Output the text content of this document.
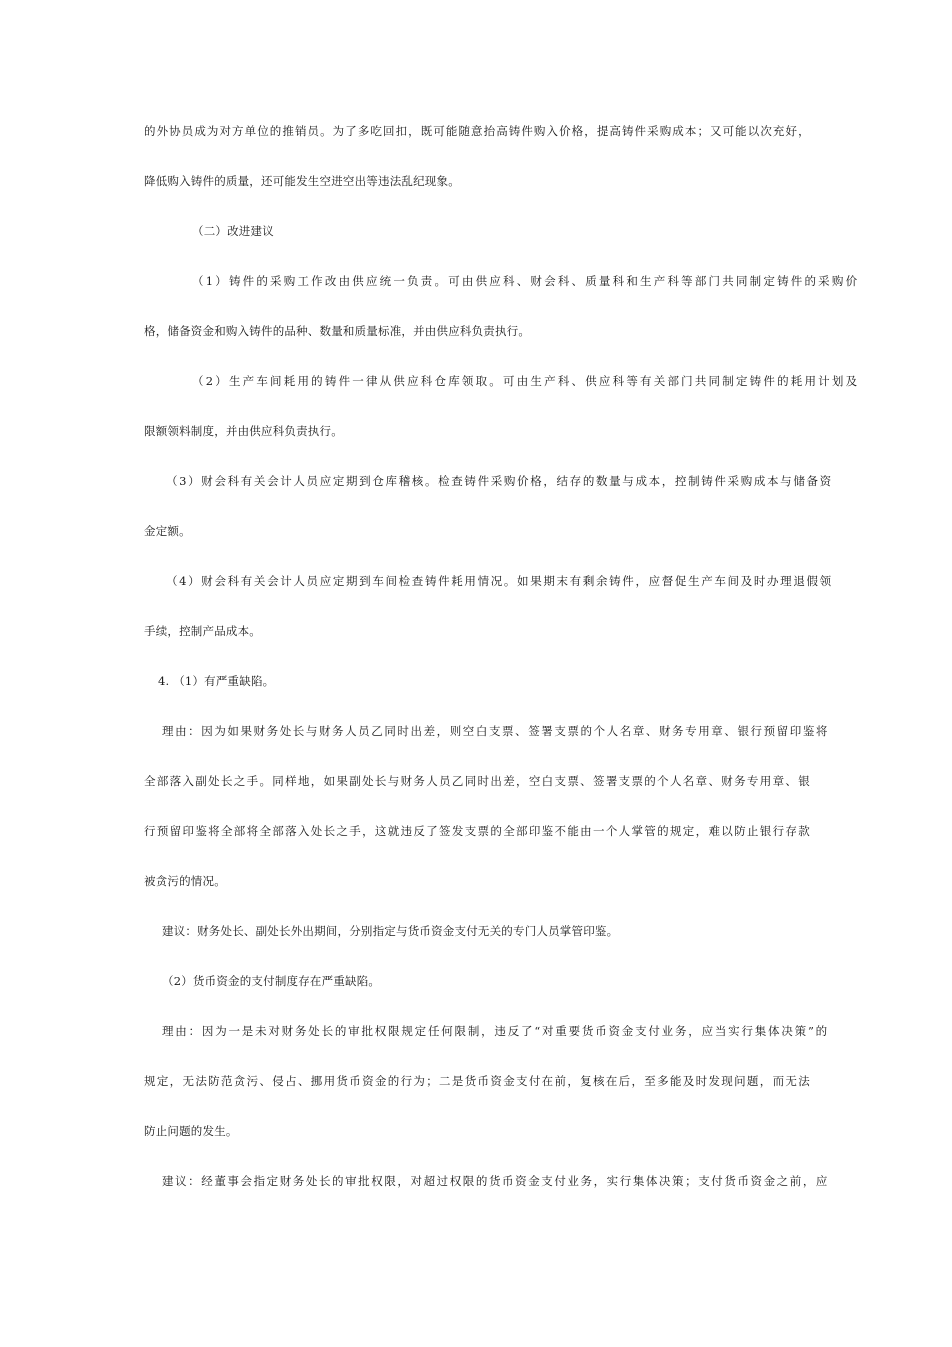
的 外 协 员 成 为 对 方 单 位 的 推 销 员 。 为 了 多 吃 回 扣 ， 既 可 能 随 意 抬 高 铸 件 购 入 价 格 ， 提 高 铸 件 采 购 成 本 ； 又 可 能 以 次 充 好 ，
降低购入铸件的质量，还可能发生空进空出等违法乱纪现象。
（二）改进建议
（ 1 ） 铸 件 的 采 购 工 作 改 由 供 应 统 一 负 责 。 可 由 供 应 科 、 财 会 科 、 质 量 科 和 生 产 科 等 部 门 共 同 制 定 铸 件 的 采 购 价
格，储备资金和购入铸件的品种、数量和质量标准，并由供应科负责执行。
（ 2 ） 生 产 车 间 耗 用 的 铸 件 一 律 从 供 应 科 仓 库 领 取 。 可 由 生 产 科 、 供 应 科 等 有 关 部 门 共 同 制 定 铸 件 的 耗 用 计 划 及
限额领料制度，并由供应科负责执行。
（ 3 ） 财 会 科 有 关 会 计 人 员 应 定 期 到 仓 库 稽 核 。 检 查 铸 件 采 购 价 格 ， 结 存 的 数 量 与 成 本 ， 控 制 铸 件 采 购 成 本 与 储 备 资
金定额。
（ 4 ） 财 会 科 有 关 会 计 人 员 应 定 期 到 车 间 检 查 铸 件 耗 用 情 况 。 如 果 期 末 有 剩 余 铸 件 ， 应 督 促 生 产 车 间 及 时 办 理 退 假 领
手续，控制产品成本。
4. （1）有严重缺陷。
理 由 ： 因 为 如 果 财 务 处 长 与 财 务 人 员 乙 同 时 出 差 ， 则 空 白 支 票 、 签 署 支 票 的 个 人 名 章 、 财 务 专 用 章 、 银 行 预 留 印 鉴 将
全 部 落 入 副 处 长 之 手 。 同 样 地 ， 如 果 副 处 长 与 财 务 人 员 乙 同 时 出 差 ， 空 白 支 票 、 签 署 支 票 的 个 人 名 章 、 财 务 专 用 章 、 银
行 预 留 印 鉴 将 全 部 将 全 部 落 入 处 长 之 手 ， 这 就 违 反 了 签 发 支 票 的 全 部 印 鉴 不 能 由 一 个 人 掌 管 的 规 定 ， 难 以 防 止 银 行 存 款
被贪污的情况。
建议：财务处长、副处长外出期间，分别指定与货币资金支付无关的专门人员掌管印鉴。
（2）货币资金的支付制度存在严重缺陷。
理 由 ： 因 为 一 是 未 对 财 务 处 长 的 审 批 权 限 规 定 任 何 限 制 ， 违 反 了 “ 对 重 要 货 币 资 金 支 付 业 务 ， 应 当 实 行 集 体 决 策 ” 的
规 定 ， 无 法 防 范 贪 污 、 侵 占 、 挪 用 货 币 资 金 的 行 为 ； 二 是 货 币 资 金 支 付 在 前 ， 复 核 在 后 ， 至 多 能 及 时 发 现 问 题 ， 而 无 法
防止问题的发生。
建 议 ： 经 董 事 会 指 定 财 务 处 长 的 审 批 权 限 ， 对 超 过 权 限 的 货 币 资 金 支 付 业 务 ， 实 行 集 体 决 策 ； 支 付 货 币 资 金 之 前 ， 应
